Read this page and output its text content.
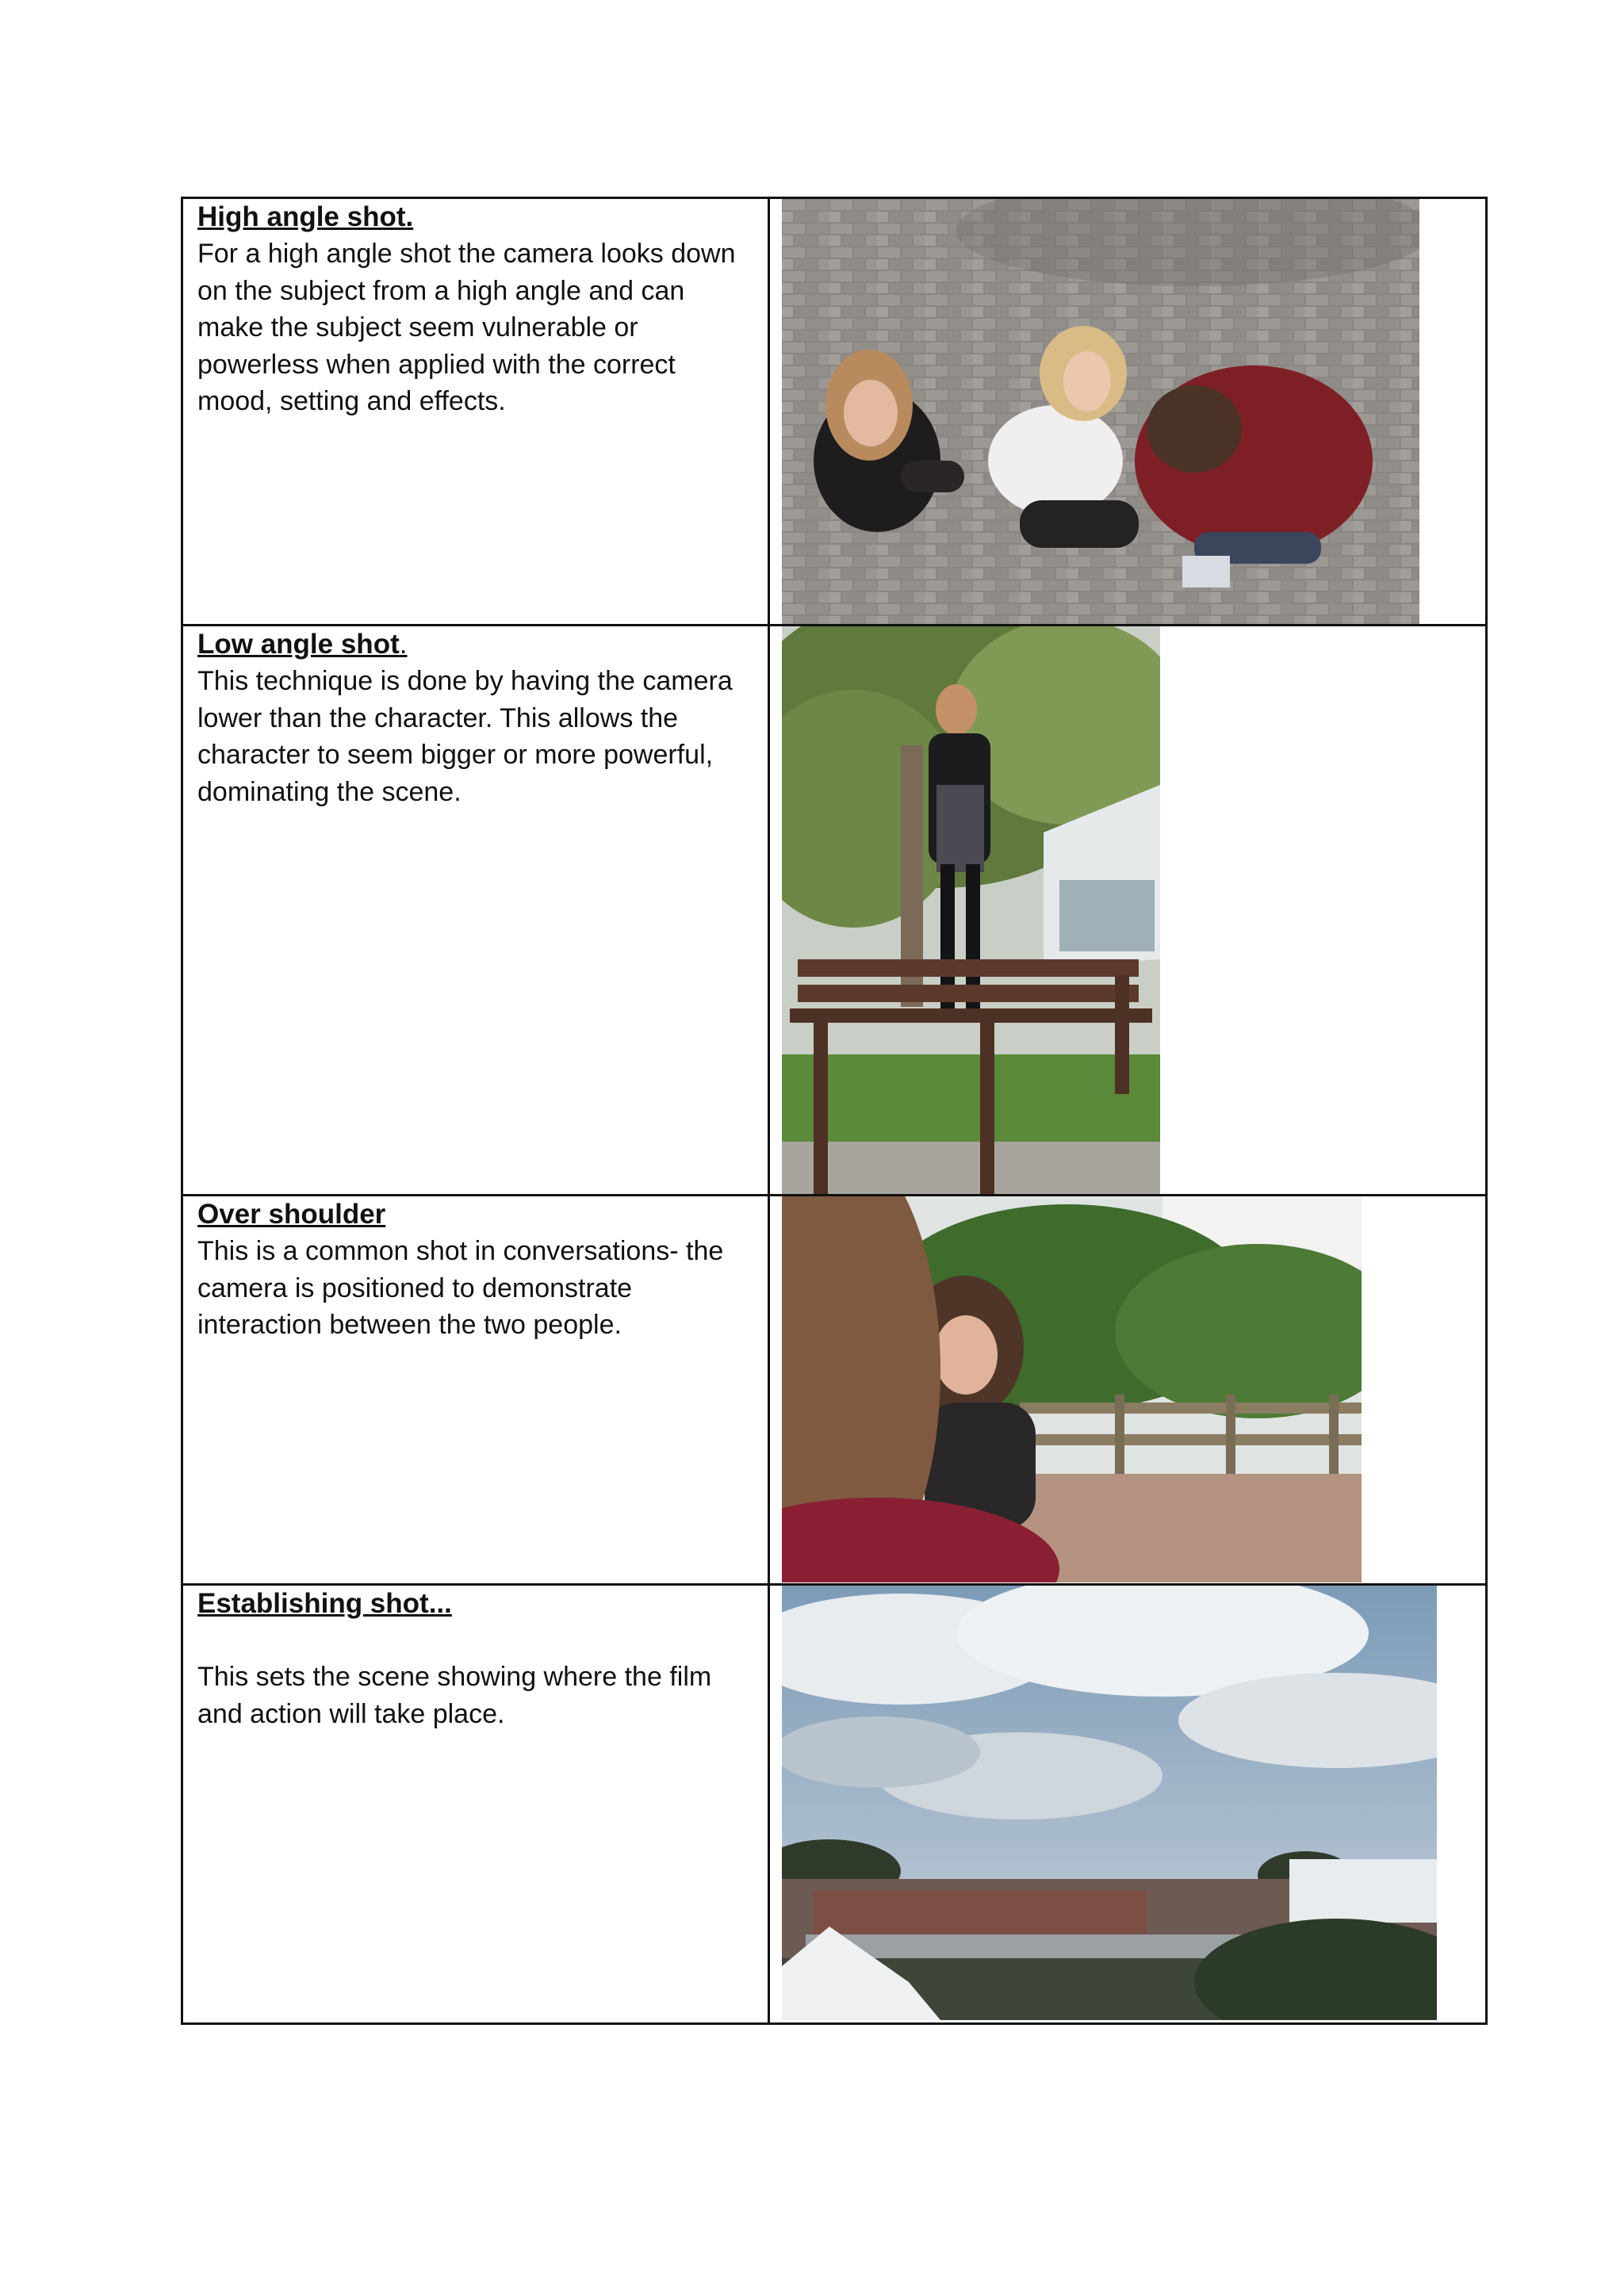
High angle shot.

For a high angle shot the camera looks down on the subject from a high angle and can make the subject seem vulnerable or powerless when applied with the correct mood, setting and effects.

Low angle shot.

This technique is done by having the camera lower than the character. This allows the character to seem bigger or more powerful, dominating the scene.

Over shoulder

This is a common shot in conversations- the camera is positioned to demonstrate interaction between the two people.

Establishing shot...

This sets the scene showing where the film and action will take place.
